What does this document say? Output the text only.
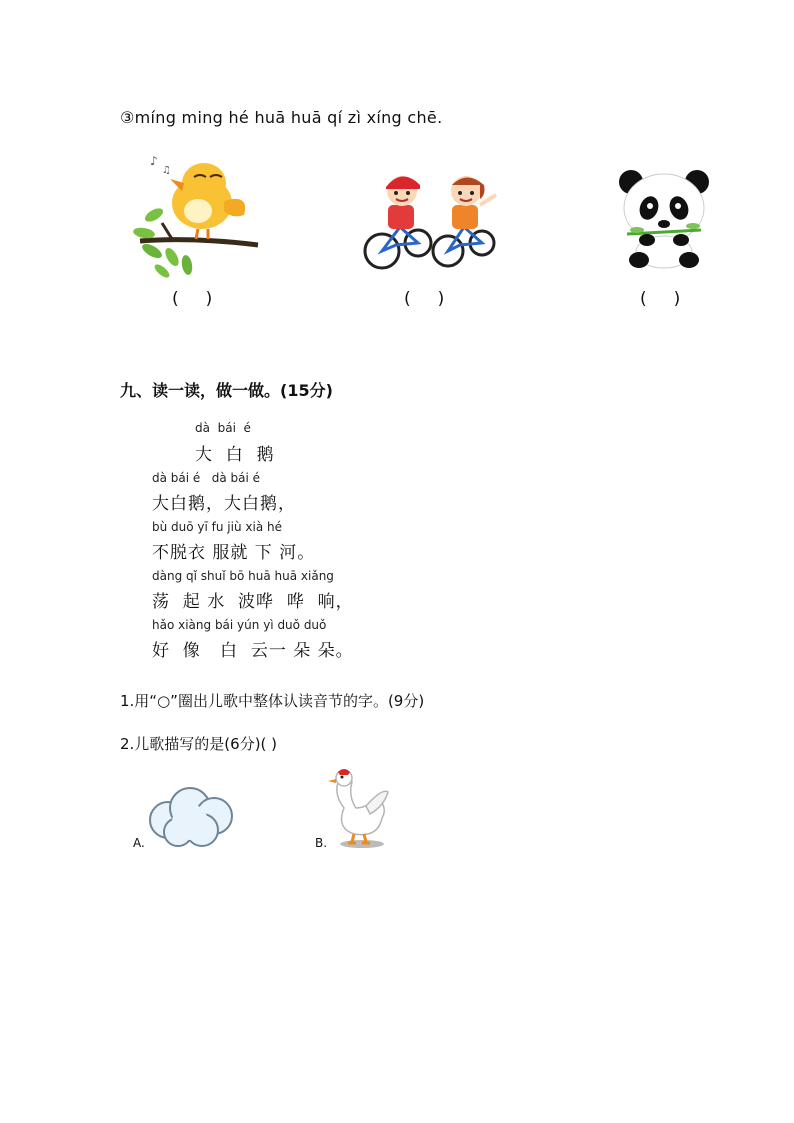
③míng ming hé huā huā qí zì xíng chē.
♪
♫
(     )	(     )	(     )
九、读一读，做一做。(15分)
dà  bái  é
大  白  鹅
dà bái é   dà bái é
大白鹅，大白鹅，
bù duō yī fu jiù xià hé
不脱衣 服就 下 河。
dàng qǐ shuǐ bō huā huā xiǎng
荡  起 水  波哗  哗  响，
hǎo xiàng bái yún yì duǒ duǒ
好  像   白  云一 朵 朵。
1.用“○”圈出儿歌中整体认读音节的字。(9分)
2.儿歌描写的是(6分)( )
A.	B.
